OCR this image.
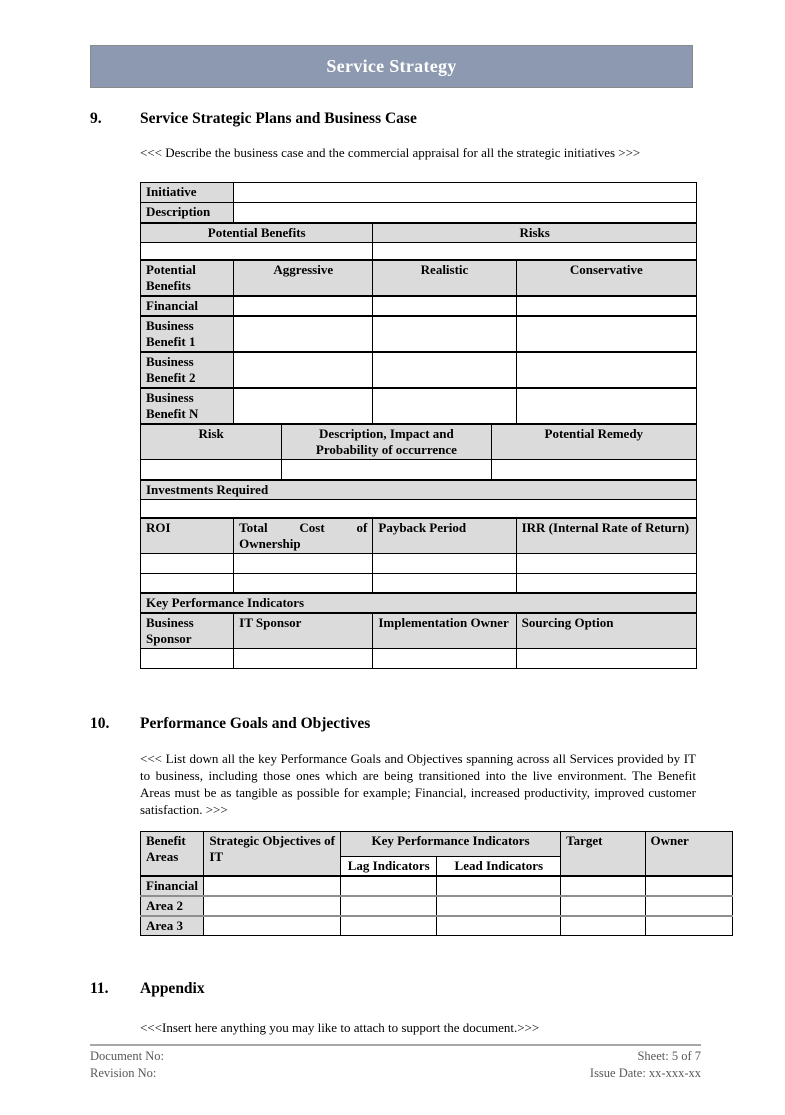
Service Strategy
9.	Service Strategic Plans and Business Case
<<< Describe the business case and the commercial appraisal for all the strategic initiatives >>>
Initiative					
Description					
Potential Benefits			Risks		

Potential Benefits	Aggressive		Realistic		Conservative
Financial					
Business Benefit 1					
Business Benefit 2					
Business Benefit N					
Risk		Description, Impact and Probability of occurrence		Potential Remedy	

Investments Required					

ROI	Total Cost of Ownership		Payback Period		IRR (Internal Rate of Return)

Key Performance Indicators					
Business Sponsor	IT Sponsor		Implementation Owner		Sourcing Option

10.	Performance Goals and Objectives
<<< List down all the key Performance Goals and Objectives spanning across all Services provided by IT to business, including those ones which are being transitioned into the live environment. The Benefit Areas must be as tangible as possible for example; Financial, increased productivity, improved customer satisfaction. >>>
Benefit Areas	Strategic Objectives of IT	Key Performance Indicators		Target	Owner
		Lag Indicators	Lead Indicators		
Financial					
Area 2					
Area 3					
11.	Appendix
<<<Insert here anything you may like to attach to support the document.>>>
Document No:
Revision No:
Sheet: 5 of 7
Issue Date: xx-xxx-xx
